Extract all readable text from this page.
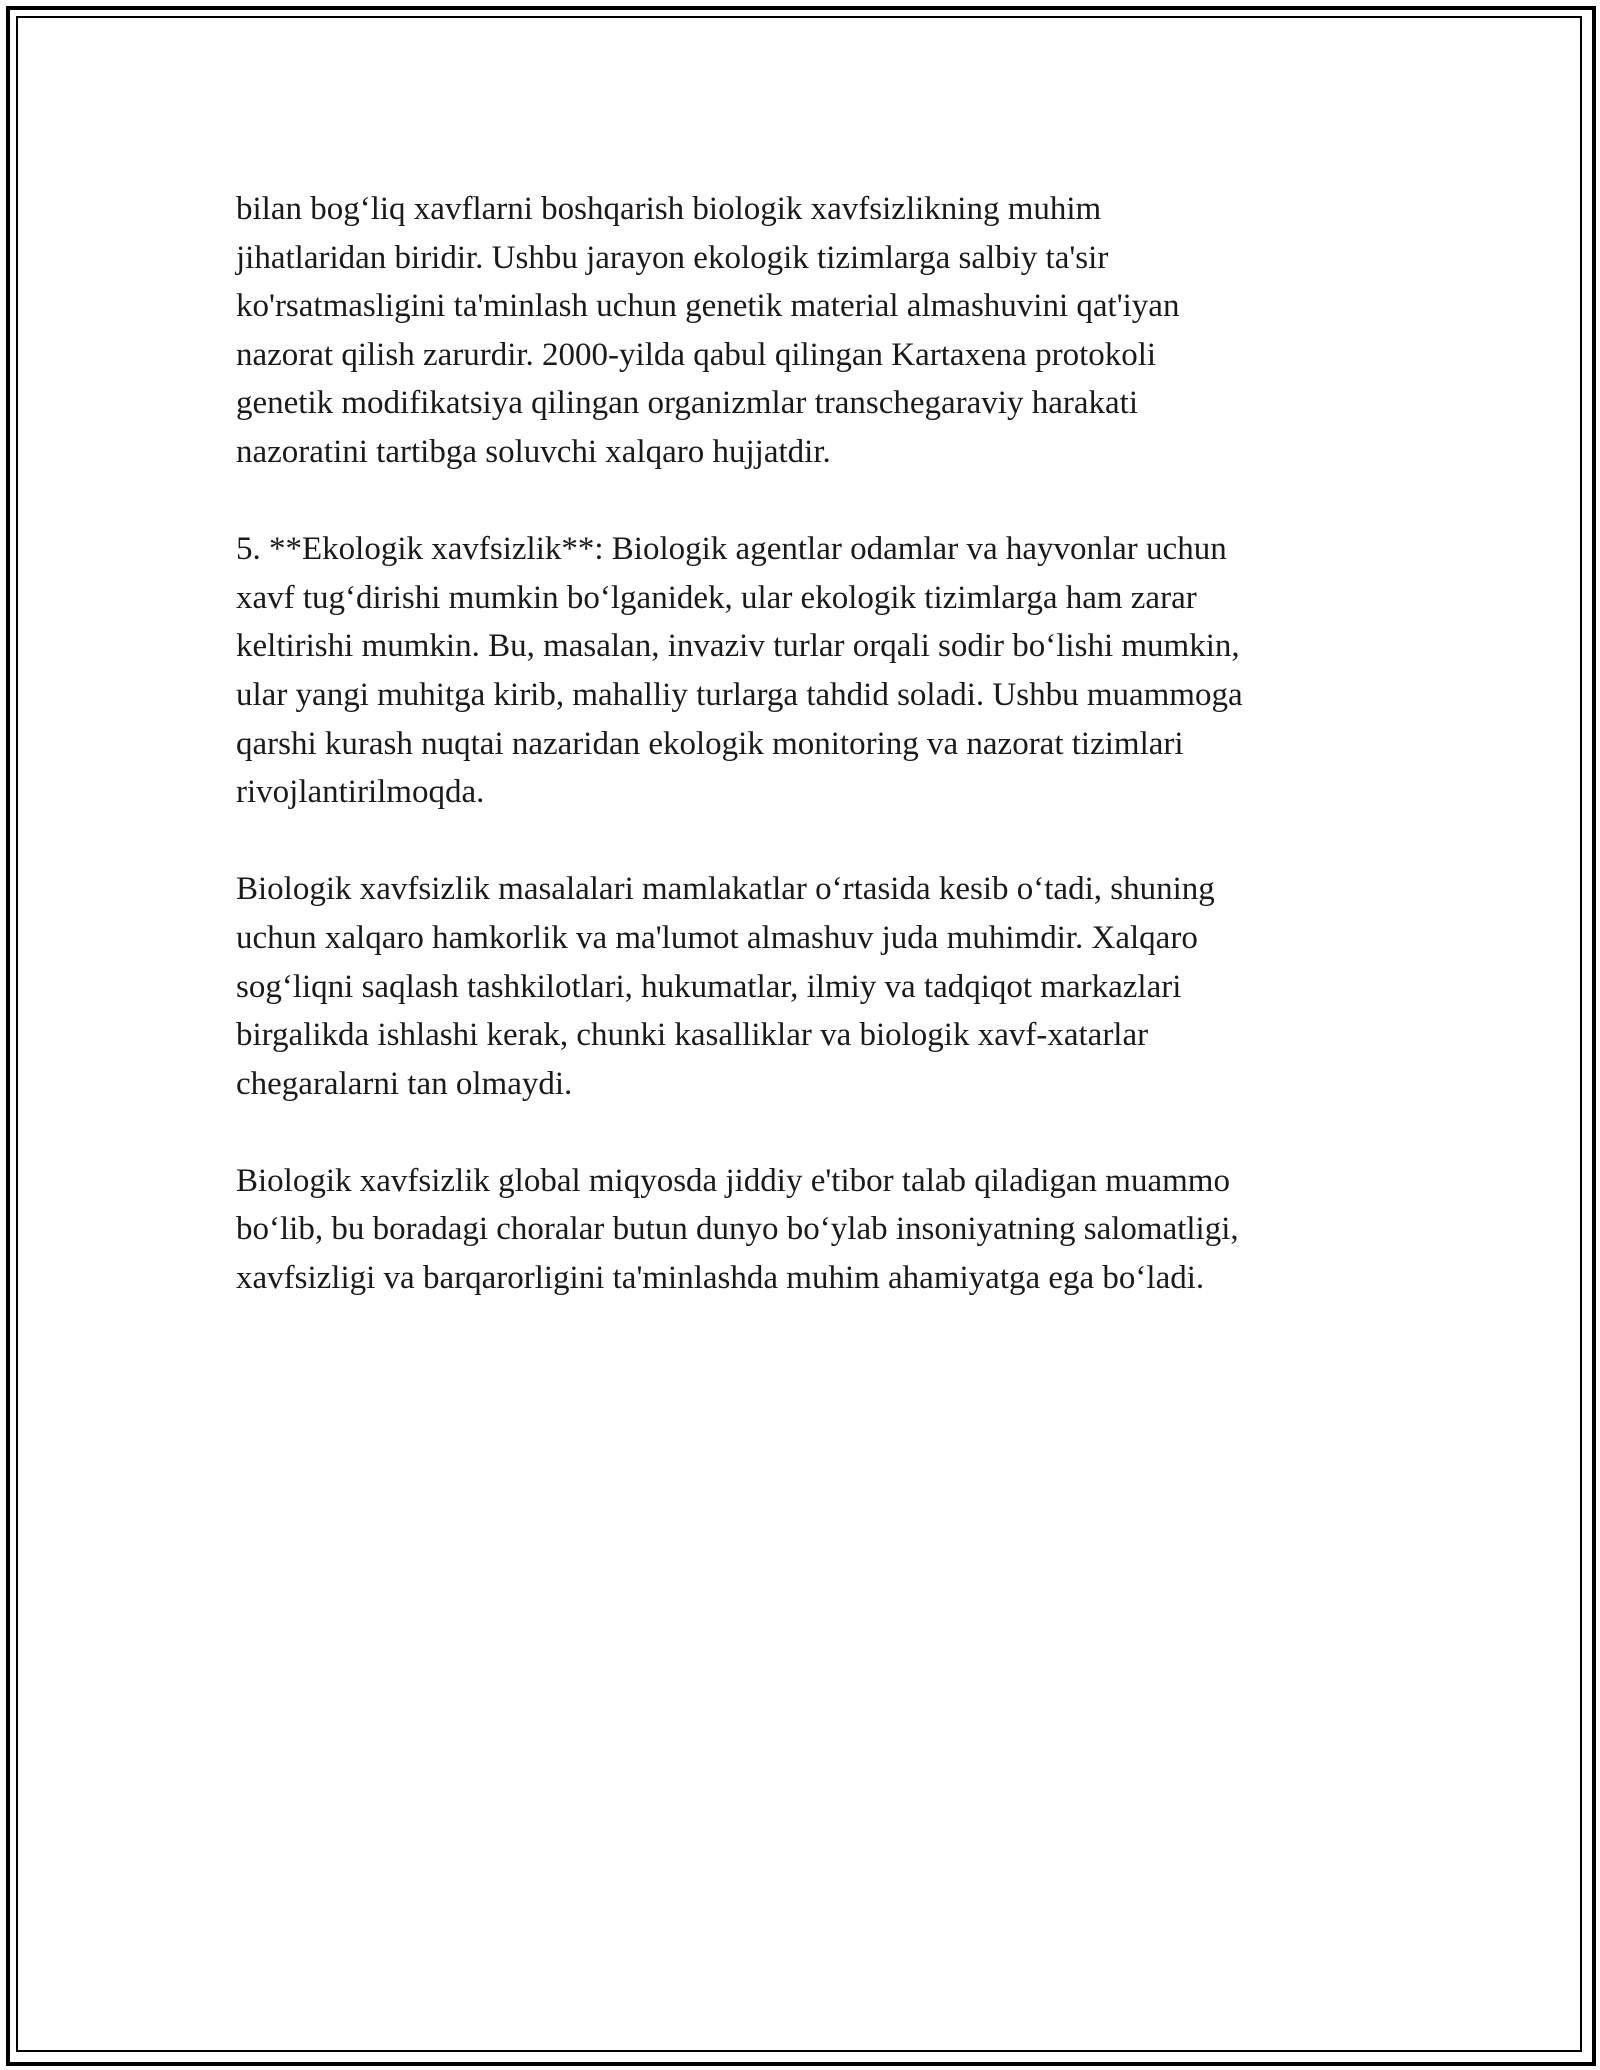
bilan bog‘liq xavflarni boshqarish biologik xavfsizlikning muhim
jihatlaridan biridir. Ushbu jarayon ekologik tizimlarga salbiy ta'sir
ko'rsatmasligini ta'minlash uchun genetik material almashuvini qat'iyan
nazorat qilish zarurdir. 2000-yilda qabul qilingan Kartaxena protokoli
genetik modifikatsiya qilingan organizmlar transchegaraviy harakati
nazoratini tartibga soluvchi xalqaro hujjatdir.

5. **Ekologik xavfsizlik**: Biologik agentlar odamlar va hayvonlar uchun
xavf tug‘dirishi mumkin bo‘lganidek, ular ekologik tizimlarga ham zarar
keltirishi mumkin. Bu, masalan, invaziv turlar orqali sodir bo‘lishi mumkin,
ular yangi muhitga kirib, mahalliy turlarga tahdid soladi. Ushbu muammoga
qarshi kurash nuqtai nazaridan ekologik monitoring va nazorat tizimlari
rivojlantirilmoqda.

Biologik xavfsizlik masalalari mamlakatlar o‘rtasida kesib o‘tadi, shuning
uchun xalqaro hamkorlik va ma'lumot almashuv juda muhimdir. Xalqaro
sog‘liqni saqlash tashkilotlari, hukumatlar, ilmiy va tadqiqot markazlari
birgalikda ishlashi kerak, chunki kasalliklar va biologik xavf-xatarlar
chegaralarni tan olmaydi.

Biologik xavfsizlik global miqyosda jiddiy e'tibor talab qiladigan muammo
bo‘lib, bu boradagi choralar butun dunyo bo‘ylab insoniyatning salomatligi,
xavfsizligi va barqarorligini ta'minlashda muhim ahamiyatga ega bo‘ladi.
